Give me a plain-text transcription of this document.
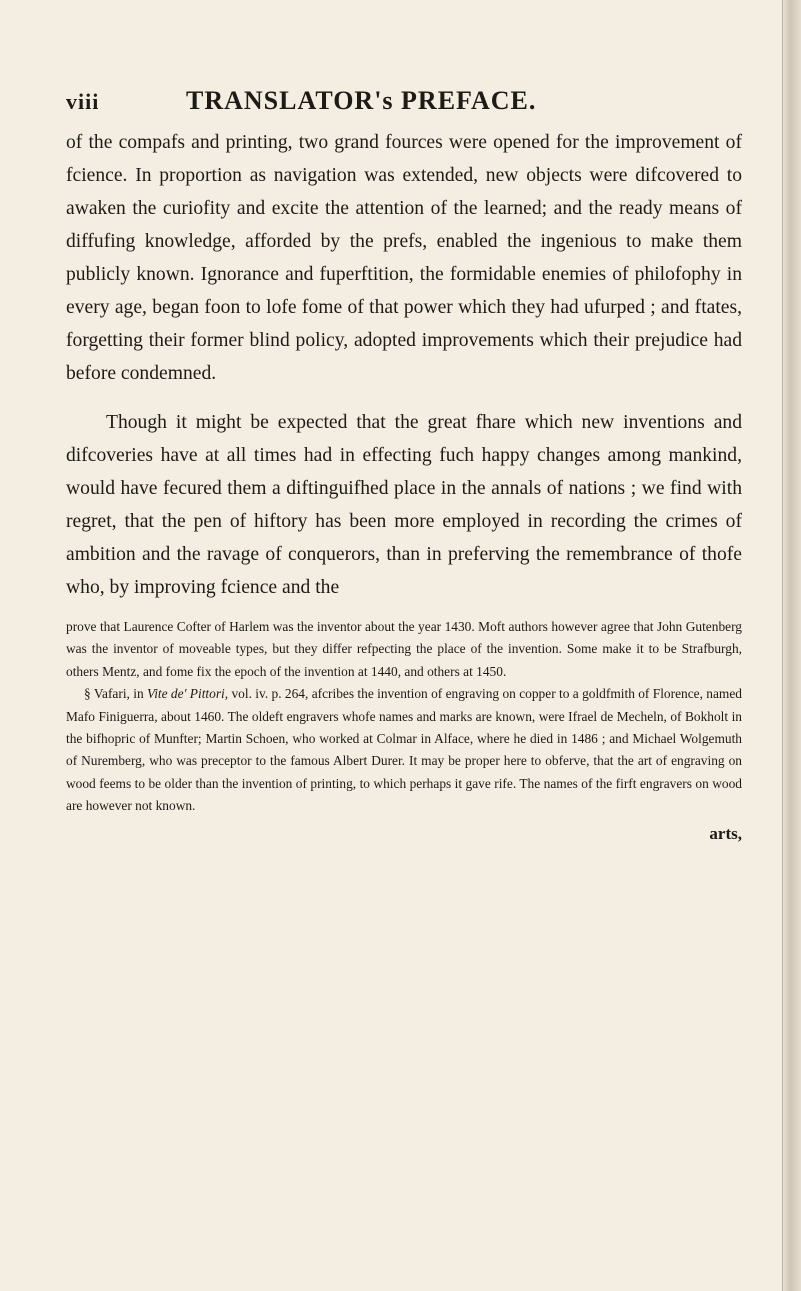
viii	TRANSLATOR's PREFACE.

of the compafs and printing, two grand fources were opened for the improvement of fcience. In proportion as navigation was extended, new objects were difcovered to awaken the curiofity and excite the attention of the learned; and the ready means of diffufing knowledge, afforded by the prefs, enabled the ingenious to make them publicly known. Ignorance and fuperftition, the formidable enemies of philofophy in every age, began foon to lofe fome of that power which they had ufurped ; and ftates, forgetting their former blind policy, adopted improvements which their prejudice had before condemned.

Though it might be expected that the great fhare which new inventions and difcoveries have at all times had in effecting fuch happy changes among mankind, would have fecured them a diftinguifhed place in the annals of nations ; we find with regret, that the pen of hiftory has been more employed in recording the crimes of ambition and the ravage of conquerors, than in preferving the remembrance of thofe who, by improving fcience and the

prove that Laurence Cofter of Harlem was the inventor about the year 1430. Moft authors however agree that John Gutenberg was the inventor of moveable types, but they differ refpecting the place of the invention. Some make it to be Strafburgh, others Mentz, and fome fix the epoch of the invention at 1440, and others at 1450.

§ Vafari, in Vite de' Pittori, vol. iv. p. 264, afcribes the invention of engraving on copper to a goldfmith of Florence, named Mafo Finiguerra, about 1460. The oldeft engravers whofe names and marks are known, were Ifrael de Mecheln, of Bokholt in the bifhopric of Munfter; Martin Schoen, who worked at Colmar in Alface, where he died in 1486 ; and Michael Wolgemuth of Nuremberg, who was preceptor to the famous Albert Durer. It may be proper here to obferve, that the art of engraving on wood feems to be older than the invention of printing, to which perhaps it gave rife. The names of the firft engravers on wood are however not known.

arts,
